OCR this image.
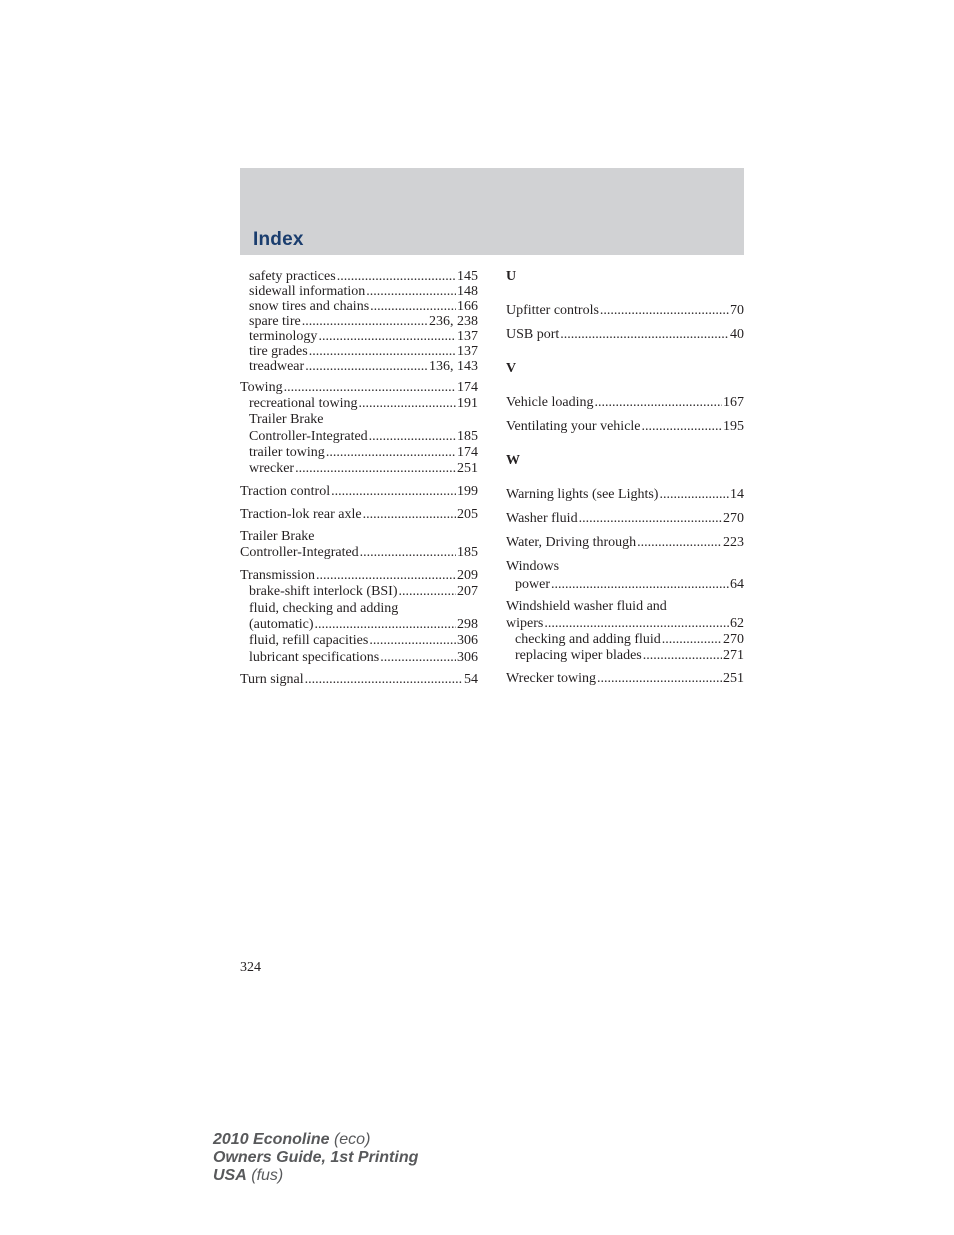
Index
safety practices .....	145
sidewall information .....	148
snow tires and chains .....	166
spare tire .....	236, 238
terminology .....	137
tire grades .....	137
treadwear .....	136, 143
Towing .....	174
recreational towing .....	191
Trailer Brake
Controller-Integrated .....	185
trailer towing .....	174
wrecker .....	251
Traction control .....	199
Traction-lok rear axle .....	205
Trailer Brake
Controller-Integrated .....	185
Transmission .....	209
brake-shift interlock (BSI) .....	207
fluid, checking and adding
(automatic) .....	298
fluid, refill capacities .....	306
lubricant specifications .....	306
Turn signal .....	54
U
Upfitter controls .....	70
USB port .....	40
V
Vehicle loading .....	167
Ventilating your vehicle .....	195
W
Warning lights (see Lights) .....	14
Washer fluid .....	270
Water, Driving through .....	223
Windows
power .....	64
Windshield washer fluid and
wipers .....	62
checking and adding fluid .....	270
replacing wiper blades .....	271
Wrecker towing .....	251
324
2010 Econoline (eco)
Owners Guide, 1st Printing
USA (fus)
